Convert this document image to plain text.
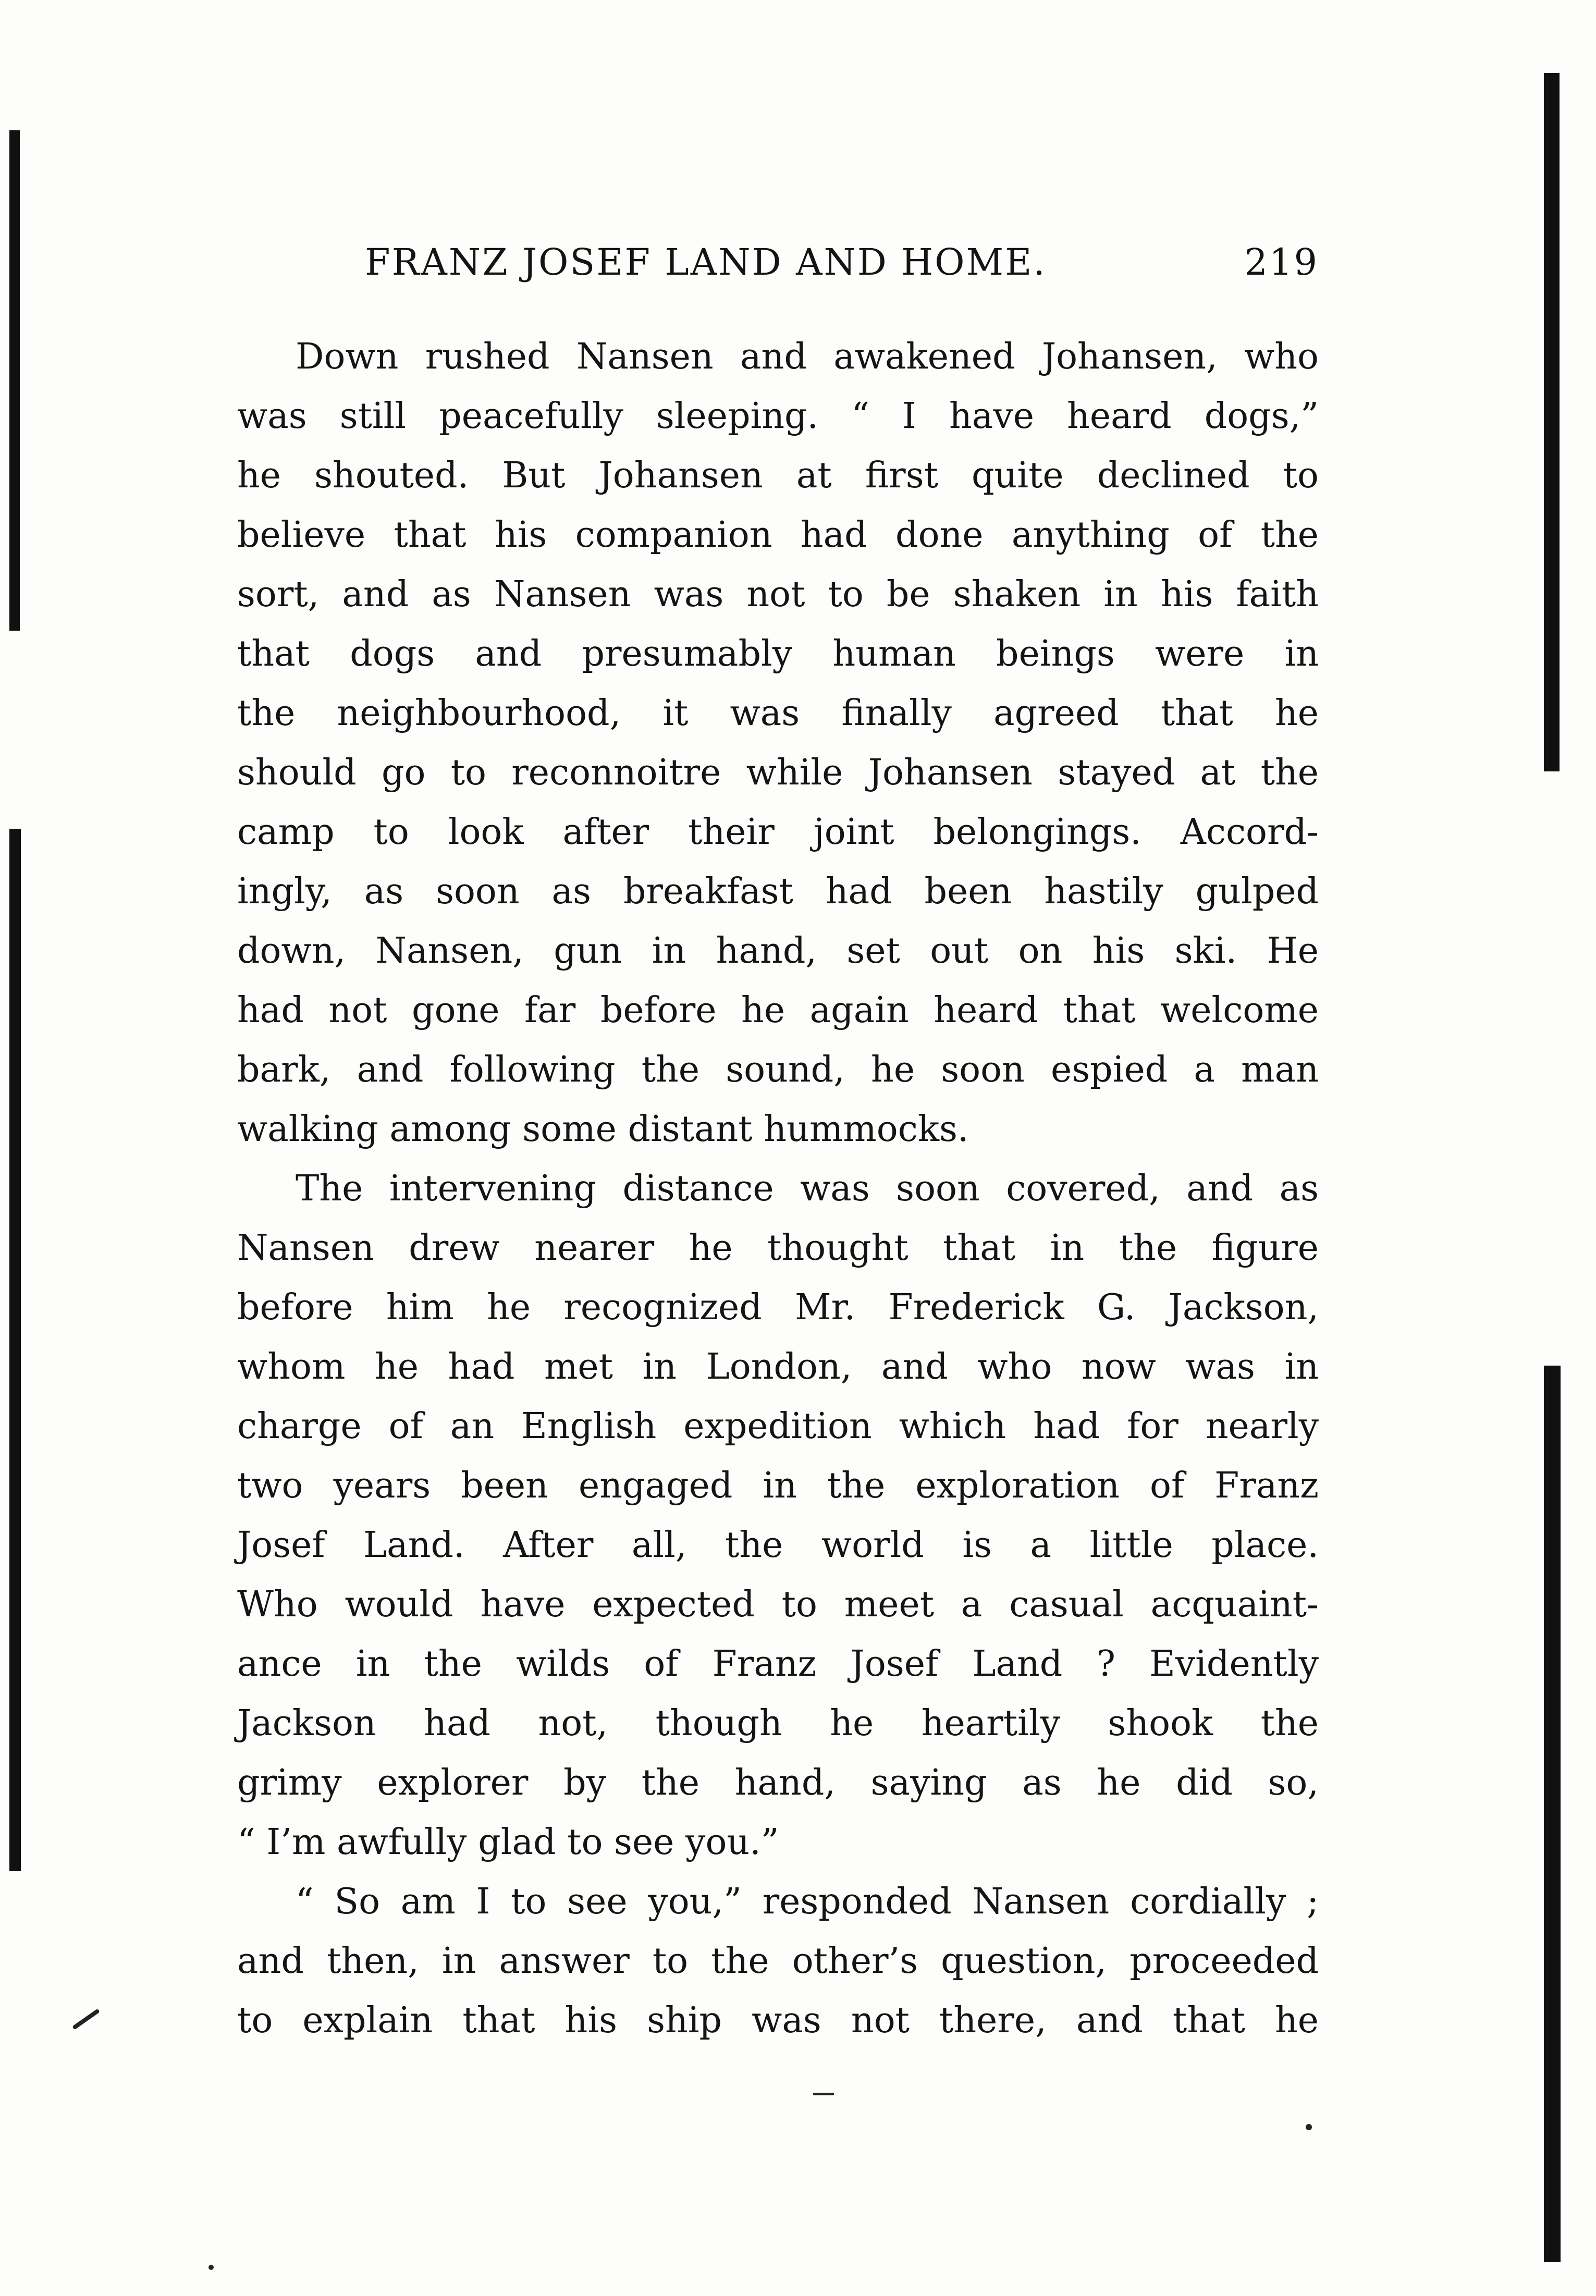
FRANZ JOSEF LAND AND HOME.	219
Down rushed Nansen and awakened Johansen, who
was still peacefully sleeping. “ I have heard dogs,”
he shouted. But Johansen at first quite declined to
believe that his companion had done anything of the
sort, and as Nansen was not to be shaken in his faith
that dogs and presumably human beings were in
the neighbourhood, it was finally agreed that he
should go to reconnoitre while Johansen stayed at the
camp to look after their joint belongings. Accord-
ingly, as soon as breakfast had been hastily gulped
down, Nansen, gun in hand, set out on his ski. He
had not gone far before he again heard that welcome
bark, and following the sound, he soon espied a man
walking among some distant hummocks.
The intervening distance was soon covered, and as
Nansen drew nearer he thought that in the figure
before him he recognized Mr. Frederick G. Jackson,
whom he had met in London, and who now was in
charge of an English expedition which had for nearly
two years been engaged in the exploration of Franz
Josef Land. After all, the world is a little place.
Who would have expected to meet a casual acquaint-
ance in the wilds of Franz Josef Land ? Evidently
Jackson had not, though he heartily shook the
grimy explorer by the hand, saying as he did so,
“ I’m awfully glad to see you.”
“ So am I to see you,” responded Nansen cordially ;
and then, in answer to the other’s question, proceeded
to explain that his ship was not there, and that he
